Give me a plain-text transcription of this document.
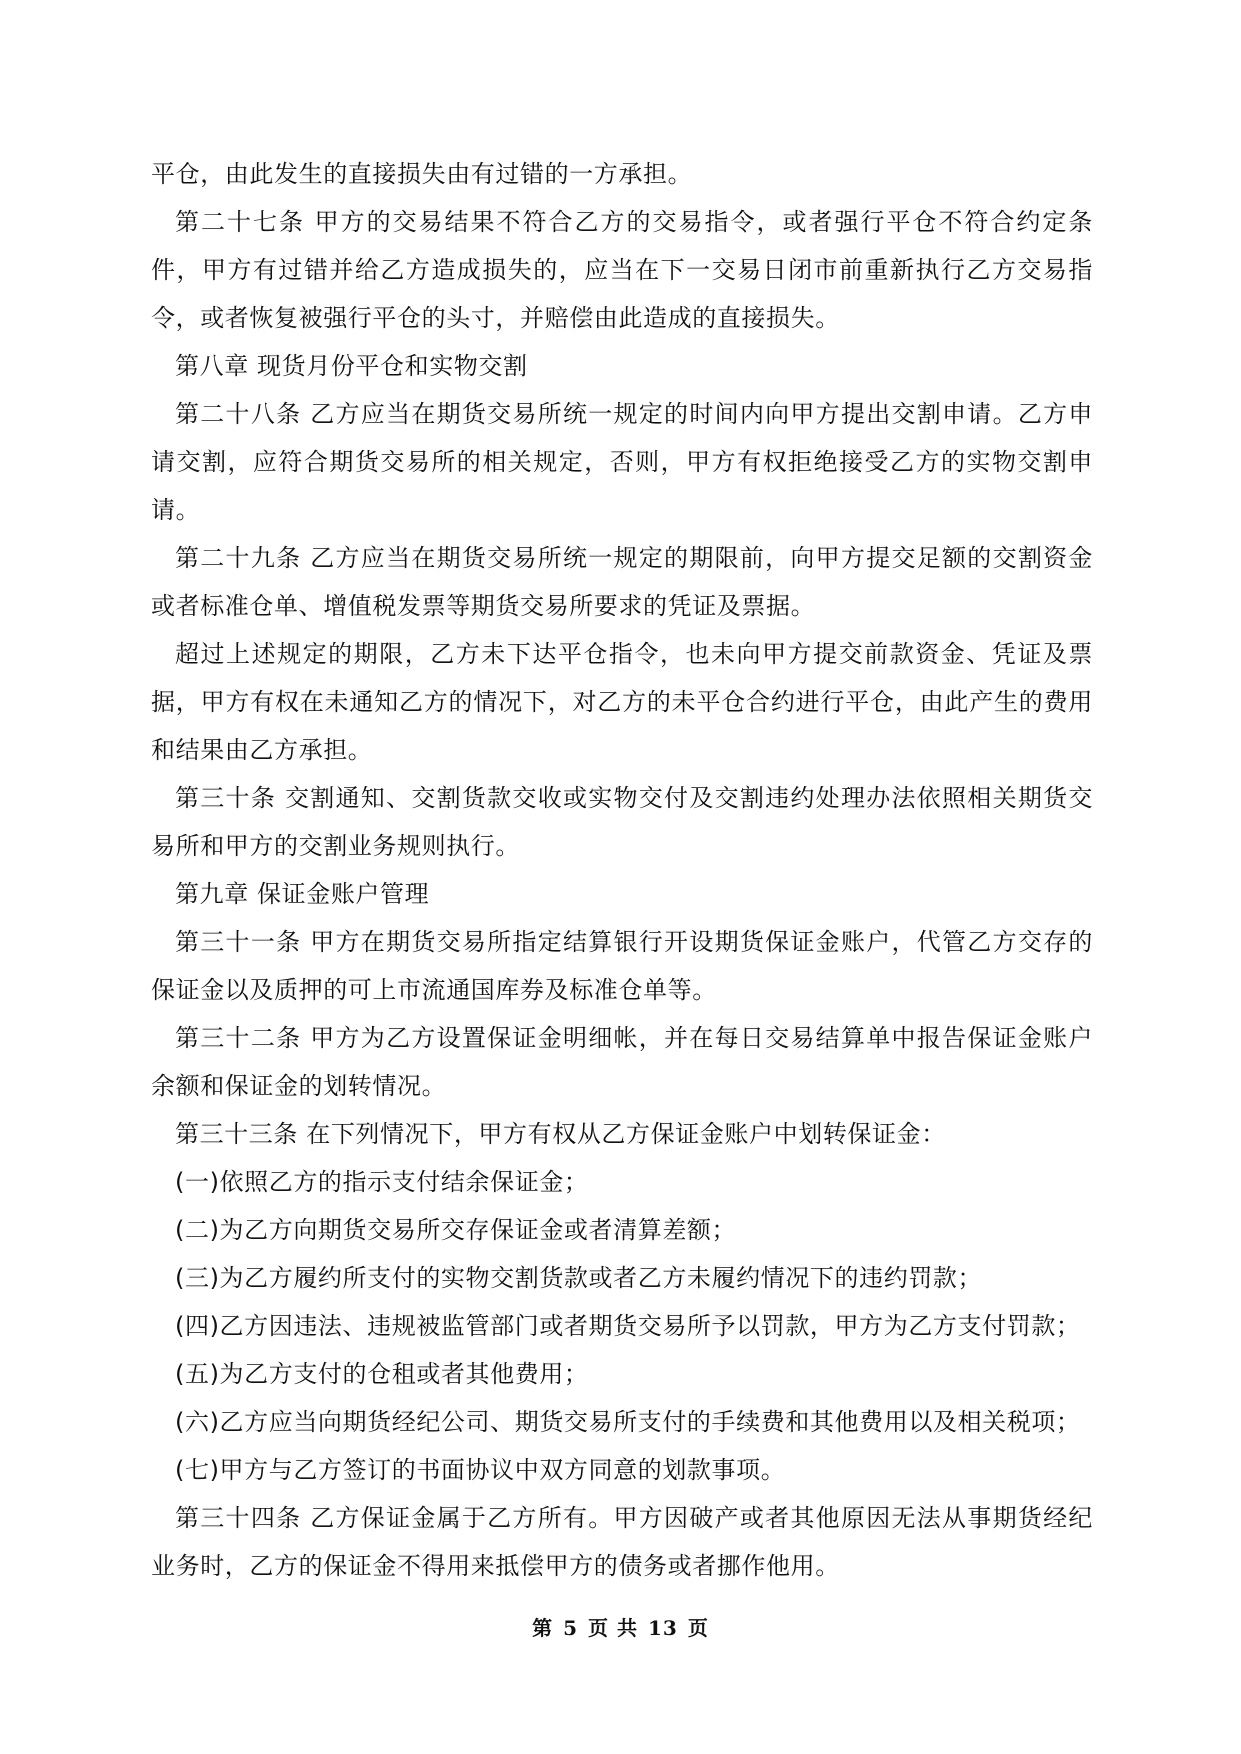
平仓，由此发生的直接损失由有过错的一方承担。

第二十七条 甲方的交易结果不符合乙方的交易指令，或者强行平仓不符合约定条件，甲方有过错并给乙方造成损失的，应当在下一交易日闭市前重新执行乙方交易指令，或者恢复被强行平仓的头寸，并赔偿由此造成的直接损失。

第八章 现货月份平仓和实物交割

第二十八条 乙方应当在期货交易所统一规定的时间内向甲方提出交割申请。乙方申请交割，应符合期货交易所的相关规定，否则，甲方有权拒绝接受乙方的实物交割申请。

第二十九条 乙方应当在期货交易所统一规定的期限前，向甲方提交足额的交割资金或者标准仓单、增值税发票等期货交易所要求的凭证及票据。

超过上述规定的期限，乙方未下达平仓指令，也未向甲方提交前款资金、凭证及票据，甲方有权在未通知乙方的情况下，对乙方的未平仓合约进行平仓，由此产生的费用和结果由乙方承担。

第三十条 交割通知、交割货款交收或实物交付及交割违约处理办法依照相关期货交易所和甲方的交割业务规则执行。

第九章 保证金账户管理

第三十一条 甲方在期货交易所指定结算银行开设期货保证金账户，代管乙方交存的保证金以及质押的可上市流通国库券及标准仓单等。

第三十二条 甲方为乙方设置保证金明细帐，并在每日交易结算单中报告保证金账户余额和保证金的划转情况。

第三十三条 在下列情况下，甲方有权从乙方保证金账户中划转保证金：

(一)依照乙方的指示支付结余保证金；

(二)为乙方向期货交易所交存保证金或者清算差额；

(三)为乙方履约所支付的实物交割货款或者乙方未履约情况下的违约罚款；

(四)乙方因违法、违规被监管部门或者期货交易所予以罚款，甲方为乙方支付罚款；

(五)为乙方支付的仓租或者其他费用；

(六)乙方应当向期货经纪公司、期货交易所支付的手续费和其他费用以及相关税项；

(七)甲方与乙方签订的书面协议中双方同意的划款事项。

第三十四条 乙方保证金属于乙方所有。甲方因破产或者其他原因无法从事期货经纪业务时，乙方的保证金不得用来抵偿甲方的债务或者挪作他用。

第 5 页 共 13 页
